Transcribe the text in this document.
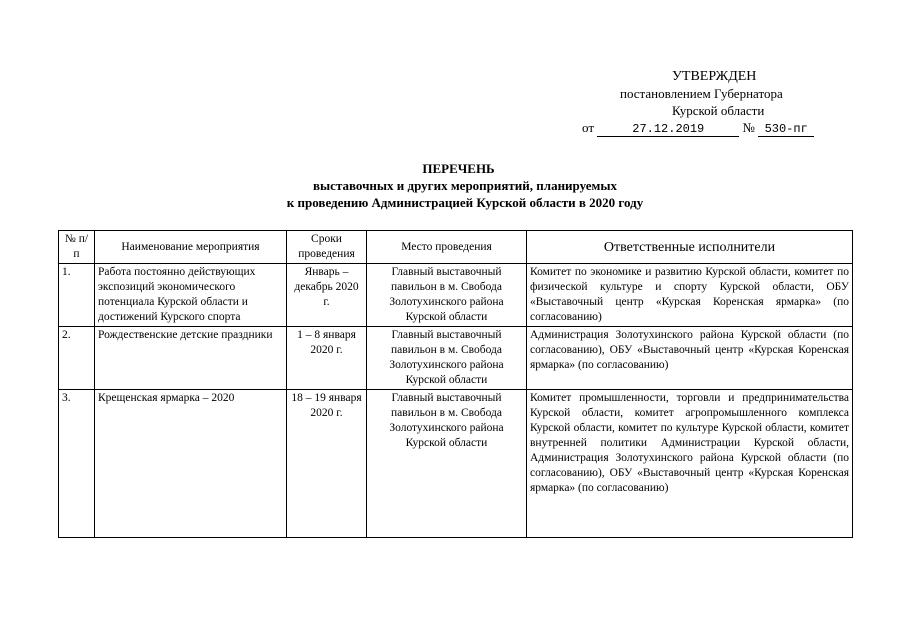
УТВЕРЖДЕН
постановлением Губернатора
Курской области
от	27.12.2019	№ 530-пг
ПЕРЕЧЕНЬ
выставочных и других мероприятий, планируемых
к проведению Администрацией Курской области в 2020 году
№ п/п	Наименование мероприятия	Сроки проведения	Место проведения	Ответственные исполнители
1.	Работа постоянно действующих экспозиций экономического потенциала Курской области и достижений Курского спорта	Январь – декабрь 2020 г.	Главный выставочный павильон в м. Свобода Золотухинского района Курской области	Комитет по экономике и развитию Курской области, комитет по физической культуре и спорту Курской области, ОБУ «Выставочный центр «Курская Коренская ярмарка» (по согласованию)
2.	Рождественские детские праздники	1 – 8 января 2020 г.	Главный выставочный павильон в м. Свобода Золотухинского района Курской области	Администрация Золотухинского района Курской области (по согласованию), ОБУ «Выставочный центр «Курская Коренская ярмарка» (по согласованию)
3.	Крещенская ярмарка – 2020	18 – 19 января 2020 г.	Главный выставочный павильон в м. Свобода Золотухинского района Курской области	Комитет промышленности, торговли и предпринимательства Курской области, комитет агропромышленного комплекса Курской области, комитет по культуре Курской области, комитет внутренней политики Администрации Курской области, Администрация Золотухинского района Курской области (по согласованию), ОБУ «Выставочный центр «Курская Коренская ярмарка» (по согласованию)
